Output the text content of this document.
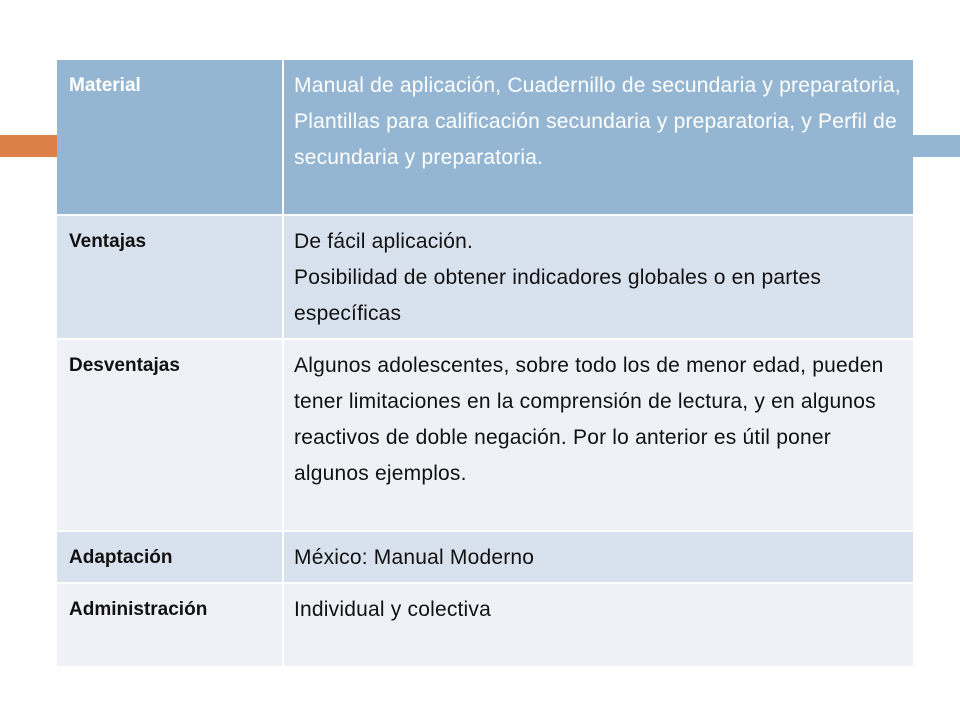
Material	Manual de aplicación, Cuadernillo de secundaria y preparatoria, Plantillas para calificación secundaria y preparatoria, y Perfil de secundaria y preparatoria.
Ventajas	De fácil aplicación.
Posibilidad de obtener indicadores globales o en partes específicas

Desventajas	Algunos adolescentes, sobre todo los de menor edad, pueden tener limitaciones en la comprensión de lectura, y en algunos reactivos de doble negación. Por lo anterior es útil poner algunos ejemplos.
Adaptación	México: Manual Moderno
Administración	Individual y colectiva
